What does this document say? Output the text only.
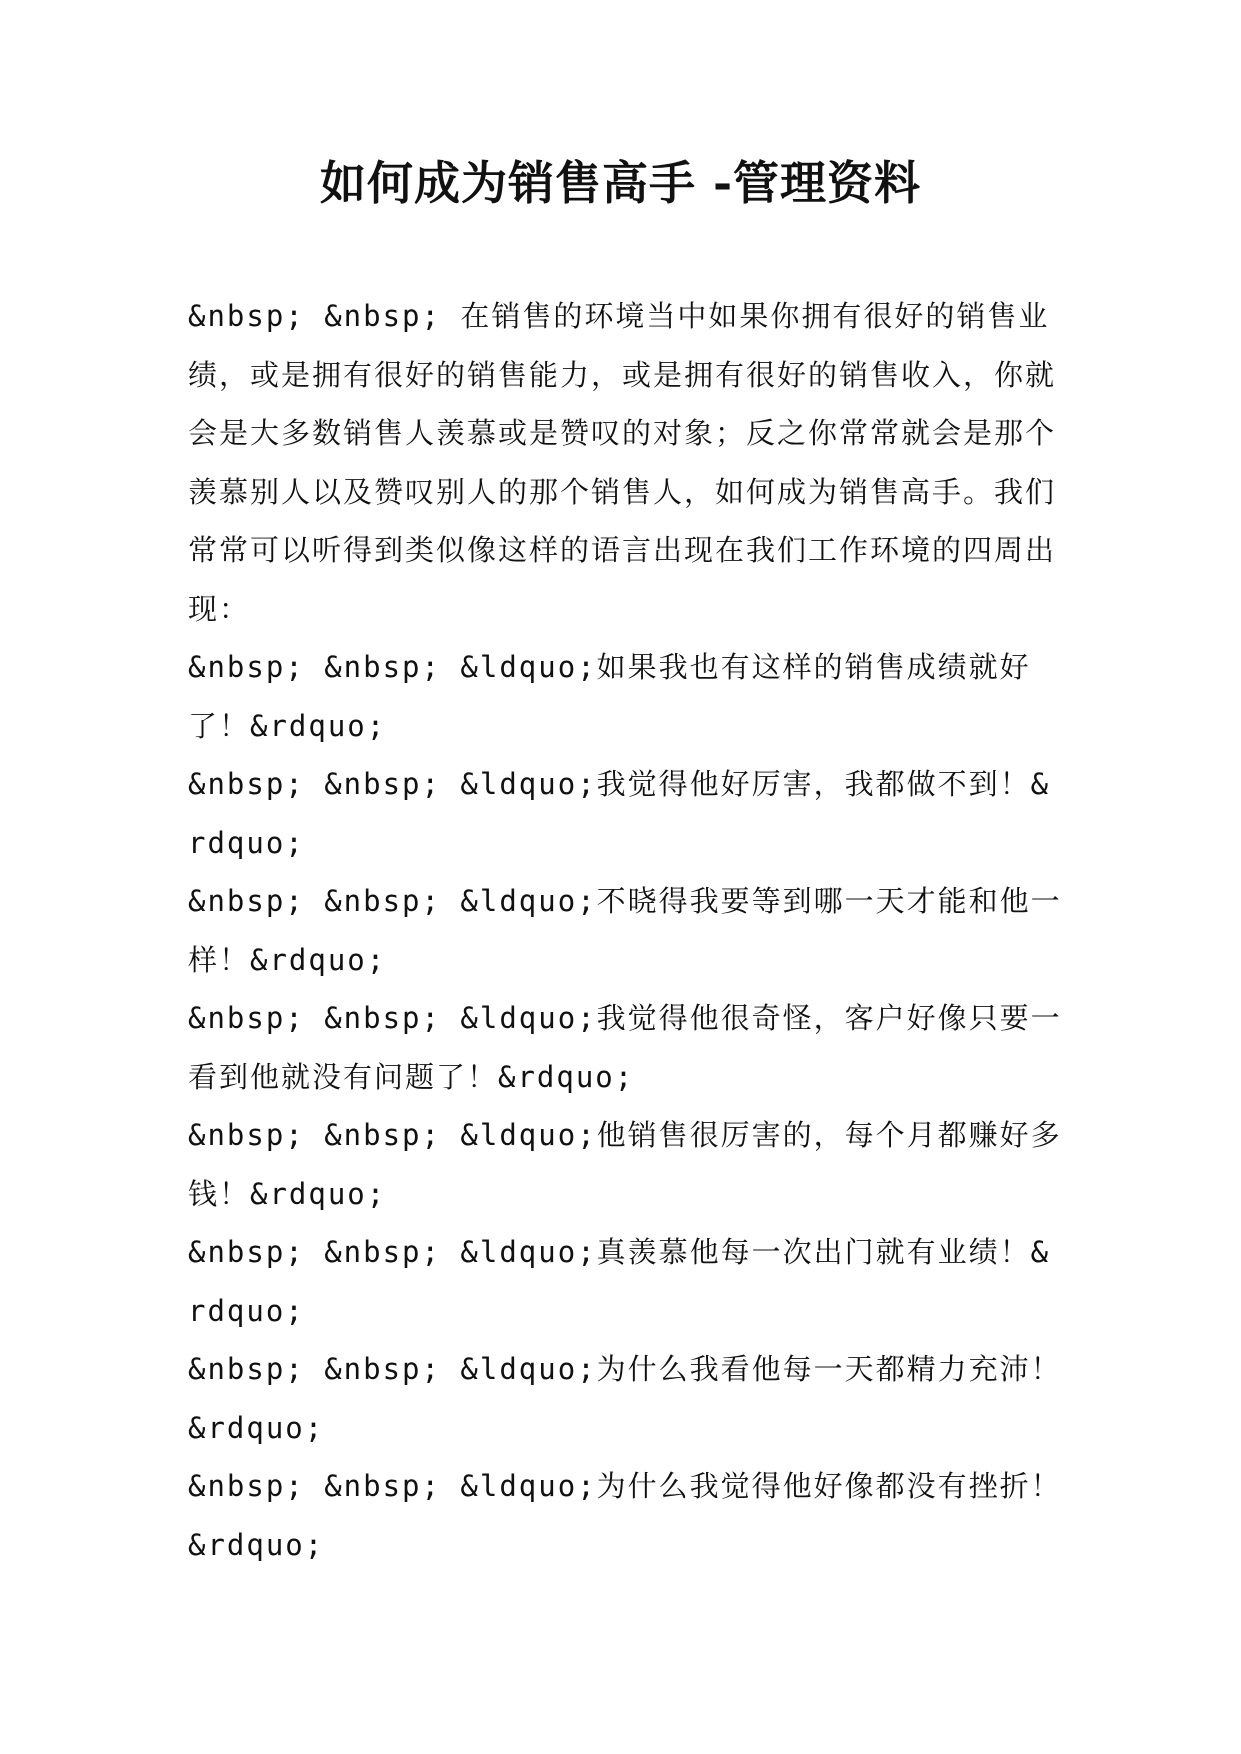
如何成为销售高手 -管理资料

&nbsp; &nbsp; 在销售的环境当中如果你拥有很好的销售业绩，或是拥有很好的销售能力，或是拥有很好的销售收入，你就会是大多数销售人羡慕或是赞叹的对象；反之你常常就会是那个羡慕别人以及赞叹别人的那个销售人，如何成为销售高手。我们常常可以听得到类似像这样的语言出现在我们工作环境的四周出现：

&nbsp; &nbsp; &ldquo;如果我也有这样的销售成绩就好了！&rdquo;

&nbsp; &nbsp; &ldquo;我觉得他好厉害，我都做不到！&rdquo;

&nbsp; &nbsp; &ldquo;不晓得我要等到哪一天才能和他一样！&rdquo;

&nbsp; &nbsp; &ldquo;我觉得他很奇怪，客户好像只要一看到他就没有问题了！&rdquo;

&nbsp; &nbsp; &ldquo;他销售很厉害的，每个月都赚好多钱！&rdquo;

&nbsp; &nbsp; &ldquo;真羡慕他每一次出门就有业绩！&rdquo;

&nbsp; &nbsp; &ldquo;为什么我看他每一天都精力充沛！&rdquo;

&nbsp; &nbsp; &ldquo;为什么我觉得他好像都没有挫折！&rdquo;
